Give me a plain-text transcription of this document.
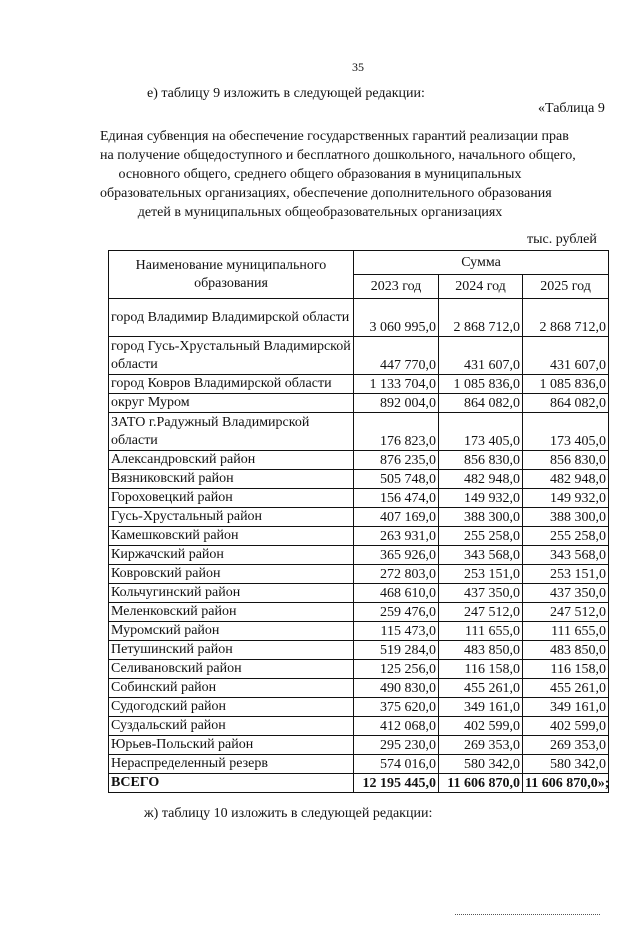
35
е) таблицу 9 изложить в следующей редакции:
«Таблица 9
Единая субвенция на обеспечение государственных гарантий реализации прав
на получение общедоступного и бесплатного дошкольного, начального общего,
основного общего, среднего общего образования в муниципальных
образовательных организациях, обеспечение дополнительного образования
детей в муниципальных общеобразовательных организациях
тыс. рублей
Наименование муниципального образования	Сумма		
	2023 год	2024 год	2025 год
город Владимир Владимирской области	3 060 995,0	2 868 712,0	2 868 712,0
город Гусь-Хрустальный Владимирской области	447 770,0	431 607,0	431 607,0
город Ковров Владимирской области	1 133 704,0	1 085 836,0	1 085 836,0
округ Муром	892 004,0	864 082,0	864 082,0
ЗАТО г.Радужный Владимирской области	176 823,0	173 405,0	173 405,0
Александровский район	876 235,0	856 830,0	856 830,0
Вязниковский район	505 748,0	482 948,0	482 948,0
Гороховецкий район	156 474,0	149 932,0	149 932,0
Гусь-Хрустальный район	407 169,0	388 300,0	388 300,0
Камешковский район	263 931,0	255 258,0	255 258,0
Киржачский район	365 926,0	343 568,0	343 568,0
Ковровский район	272 803,0	253 151,0	253 151,0
Кольчугинский район	468 610,0	437 350,0	437 350,0
Меленковский район	259 476,0	247 512,0	247 512,0
Муромский район	115 473,0	111 655,0	111 655,0
Петушинский район	519 284,0	483 850,0	483 850,0
Селивановский район	125 256,0	116 158,0	116 158,0
Собинский район	490 830,0	455 261,0	455 261,0
Судогодский район	375 620,0	349 161,0	349 161,0
Суздальский район	412 068,0	402 599,0	402 599,0
Юрьев-Польский район	295 230,0	269 353,0	269 353,0
Нераспределенный резерв	574 016,0	580 342,0	580 342,0
ВСЕГО	12 195 445,0	11 606 870,0	11 606 870,0»;
ж) таблицу 10 изложить в следующей редакции:
